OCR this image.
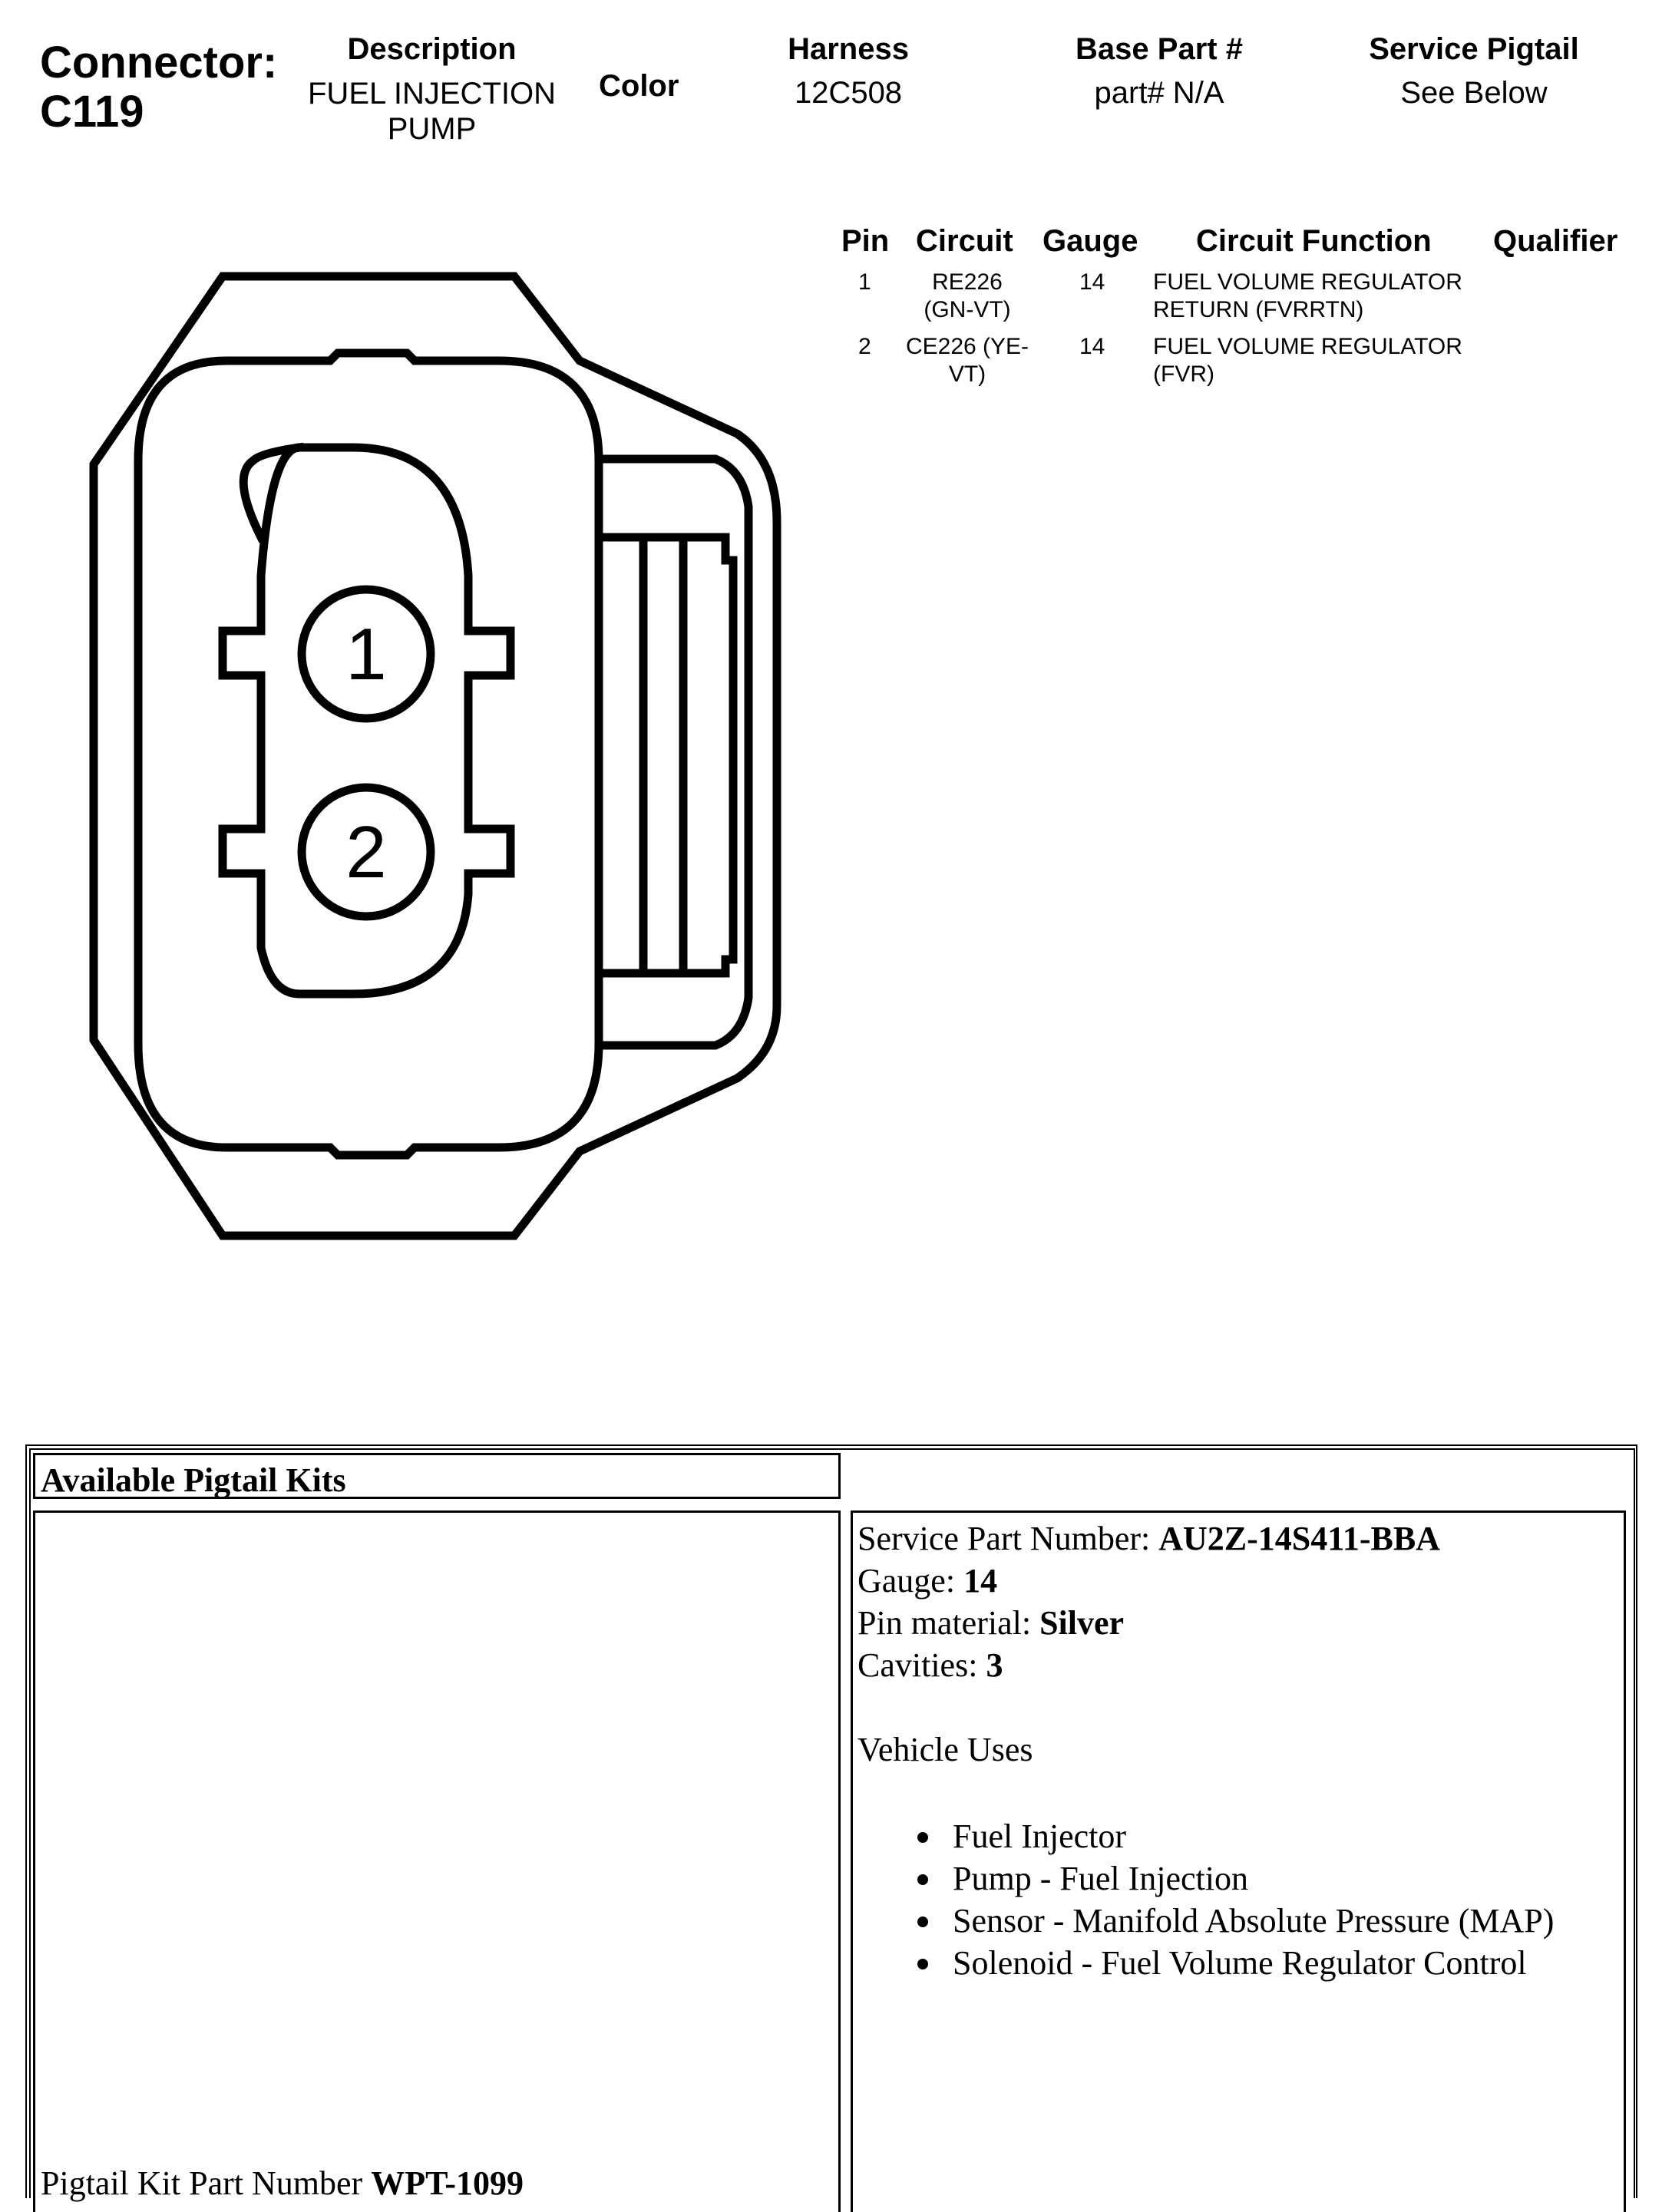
Connector:
C119
Description
FUEL INJECTION
PUMP
Color
Harness
12C508
Base Part #
part# N/A
Service Pigtail
See Below
Pin Circuit Gauge Circuit Function Qualifier
1	RE226
(GN-VT)
14 FUEL VOLUME REGULATOR
RETURN (FVRRTN)
2	CE226 (YE-
VT)
14 FUEL VOLUME REGULATOR
(FVR)
1
2
Available Pigtail Kits
Pigtail Kit Part Number WPT-1099
Service Part Number: AU2Z-14S411-BBA
Gauge: 14
Pin material: Silver
Cavities: 3
Vehicle Uses
Fuel Injector
Pump - Fuel Injection
Sensor - Manifold Absolute Pressure (MAP)
Solenoid - Fuel Volume Regulator Control
